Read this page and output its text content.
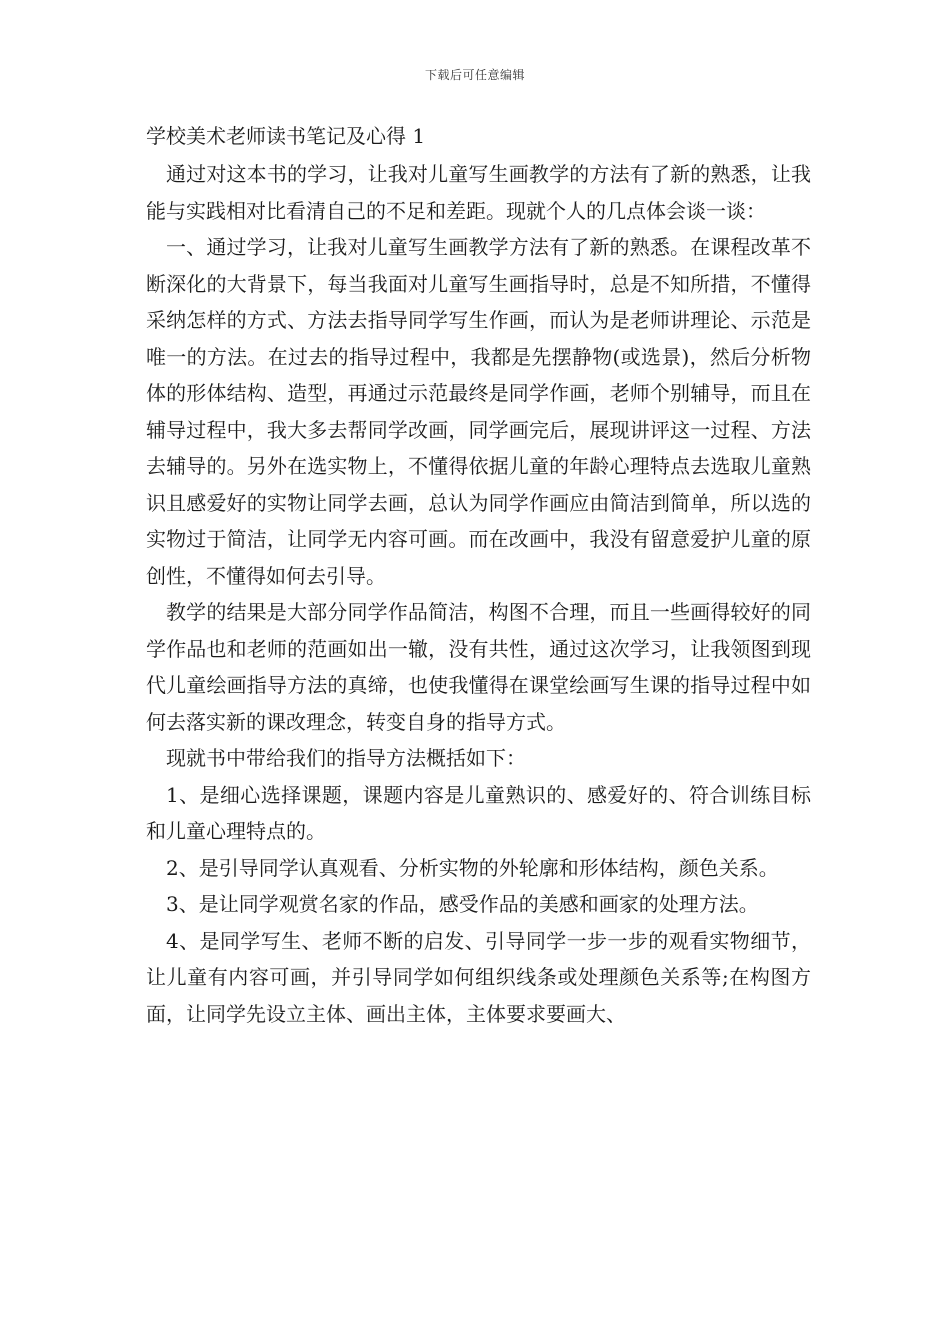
下载后可任意编辑
学校美术老师读书笔记及心得 1

通过对这本书的学习，让我对儿童写生画教学的方法有了新的熟悉，让我能与实践相对比看清自己的不足和差距。现就个人的几点体会谈一谈：

一、通过学习，让我对儿童写生画教学方法有了新的熟悉。在课程改革不断深化的大背景下，每当我面对儿童写生画指导时，总是不知所措，不懂得采纳怎样的方式、方法去指导同学写生作画，而认为是老师讲理论、示范是唯一的方法。在过去的指导过程中，我都是先摆静物(或选景)，然后分析物体的形体结构、造型，再通过示范最终是同学作画，老师个别辅导，而且在辅导过程中，我大多去帮同学改画，同学画完后，展现讲评这一过程、方法去辅导的。另外在选实物上，不懂得依据儿童的年龄心理特点去选取儿童熟识且感爱好的实物让同学去画，总认为同学作画应由简洁到简单，所以选的实物过于简洁，让同学无内容可画。而在改画中，我没有留意爱护儿童的原创性，不懂得如何去引导。

教学的结果是大部分同学作品简洁，构图不合理，而且一些画得较好的同学作品也和老师的范画如出一辙，没有共性，通过这次学习，让我领图到现代儿童绘画指导方法的真缔，也使我懂得在课堂绘画写生课的指导过程中如何去落实新的课改理念，转变自身的指导方式。

现就书中带给我们的指导方法概括如下：

1、是细心选择课题，课题内容是儿童熟识的、感爱好的、符合训练目标和儿童心理特点的。

2、是引导同学认真观看、分析实物的外轮廓和形体结构，颜色关系。

3、是让同学观赏名家的作品，感受作品的美感和画家的处理方法。

4、是同学写生、老师不断的启发、引导同学一步一步的观看实物细节，让儿童有内容可画，并引导同学如何组织线条或处理颜色关系等;在构图方面，让同学先设立主体、画出主体，主体要求要画大、
